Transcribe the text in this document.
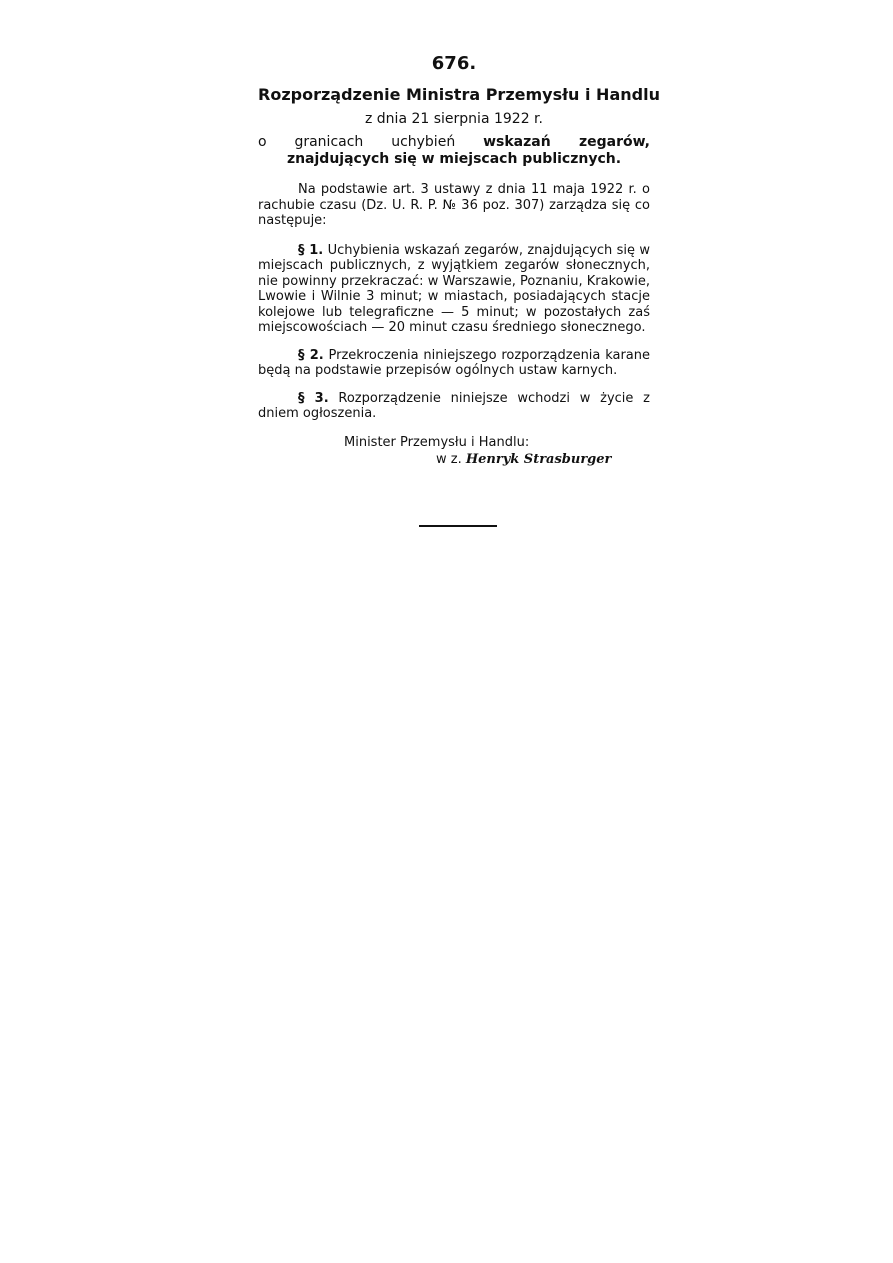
676.

Rozporządzenie Ministra Przemysłu i Handlu

z dnia 21 sierpnia 1922 r.

o granicach uchybień wskazań zegarów, znajdujących się w miejscach publicznych.

Na podstawie art. 3 ustawy z dnia 11 maja 1922 r. o rachubie czasu (Dz. U. R. P. № 36 poz. 307) zarządza się co następuje:

§ 1. Uchybienia wskazań zegarów, znajdujących się w miejscach publicznych, z wyjątkiem zegarów słonecznych, nie powinny przekraczać: w Warszawie, Poznaniu, Krakowie, Lwowie i Wilnie 3 minut; w miastach, posiadających stacje kolejowe lub telegraficzne — 5 minut; w pozostałych zaś miejscowościach — 20 minut czasu średniego słonecznego.

§ 2. Przekroczenia niniejszego rozporządzenia karane będą na podstawie przepisów ogólnych ustaw karnych.

§ 3. Rozporządzenie niniejsze wchodzi w życie z dniem ogłoszenia.

Minister Przemysłu i Handlu:

w z. Henryk Strasburger
